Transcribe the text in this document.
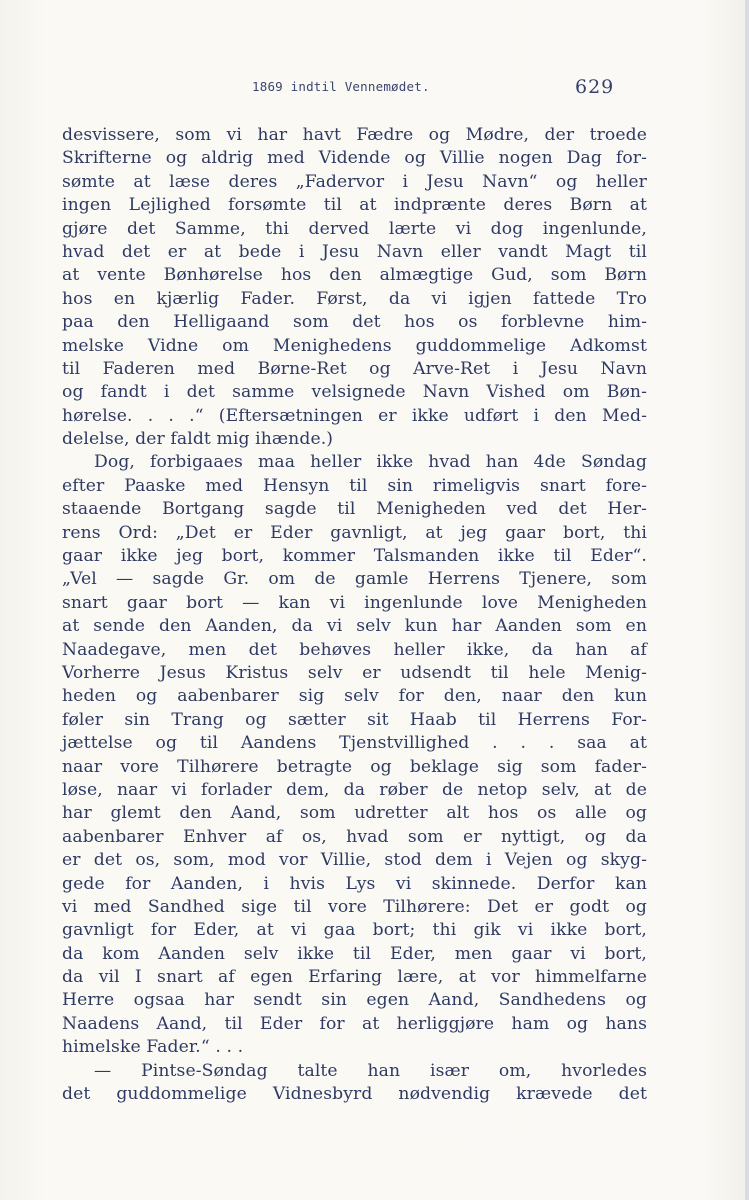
1869 indtil Vennemødet.	629
desvissere, som vi har havt Fædre og Mødre, der troede
Skrifterne og aldrig med Vidende og Villie nogen Dag for-
sømte at læse deres „Fadervor i Jesu Navn“ og heller
ingen Lejlighed forsømte til at indprænte deres Børn at
gjøre det Samme, thi derved lærte vi dog ingenlunde,
hvad det er at bede i Jesu Navn eller vandt Magt til
at vente Bønhørelse hos den almægtige Gud, som Børn
hos en kjærlig Fader. Først, da vi igjen fattede Tro
paa den Helligaand som det hos os forblevne him-
melske Vidne om Menighedens guddommelige Adkomst
til Faderen med Børne-Ret og Arve-Ret i Jesu Navn
og fandt i det samme velsignede Navn Vished om Bøn-
hørelse. . . .“ (Eftersætningen er ikke udført i den Med-
delelse, der faldt mig ihænde.)
Dog, forbigaaes maa heller ikke hvad han 4de Søndag
efter Paaske med Hensyn til sin rimeligvis snart fore-
staaende Bortgang sagde til Menigheden ved det Her-
rens Ord: „Det er Eder gavnligt, at jeg gaar bort, thi
gaar ikke jeg bort, kommer Talsmanden ikke til Eder“.
„Vel — sagde Gr. om de gamle Herrens Tjenere, som
snart gaar bort — kan vi ingenlunde love Menigheden
at sende den Aanden, da vi selv kun har Aanden som en
Naadegave, men det behøves heller ikke, da han af
Vorherre Jesus Kristus selv er udsendt til hele Menig-
heden og aabenbarer sig selv for den, naar den kun
føler sin Trang og sætter sit Haab til Herrens For-
jættelse og til Aandens Tjenstvillighed . . . saa at
naar vore Tilhørere betragte og beklage sig som fader-
løse, naar vi forlader dem, da røber de netop selv, at de
har glemt den Aand, som udretter alt hos os alle og
aabenbarer Enhver af os, hvad som er nyttigt, og da
er det os, som, mod vor Villie, stod dem i Vejen og skyg-
gede for Aanden, i hvis Lys vi skinnede. Derfor kan
vi med Sandhed sige til vore Tilhørere: Det er godt og
gavnligt for Eder, at vi gaa bort; thi gik vi ikke bort,
da kom Aanden selv ikke til Eder, men gaar vi bort,
da vil I snart af egen Erfaring lære, at vor himmelfarne
Herre ogsaa har sendt sin egen Aand, Sandhedens og
Naadens Aand, til Eder for at herliggjøre ham og hans
himelske Fader.“ . . .
— Pintse-Søndag talte han især om, hvorledes
det guddommelige Vidnesbyrd nødvendig krævede det
